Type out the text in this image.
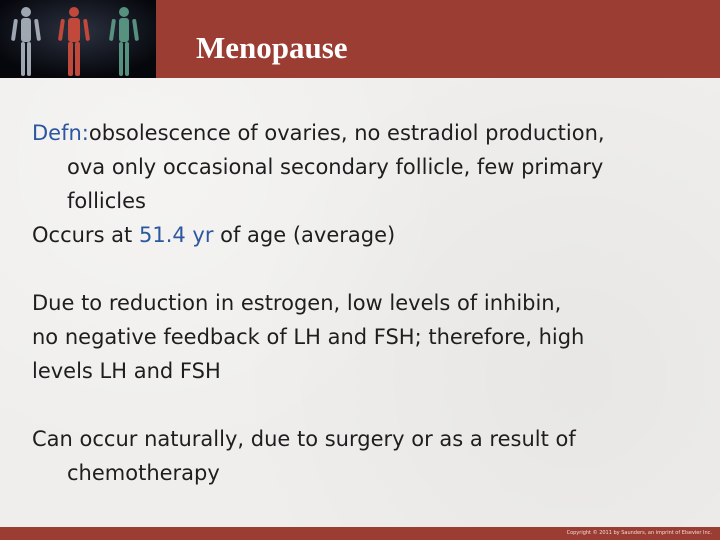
Menopause

Defn:obsolescence of ovaries, no estradiol production,
ova only occasional secondary follicle, few primary
follicles
Occurs at 51.4 yr of age (average)

Due to reduction in estrogen, low levels of inhibin,
no negative feedback of LH and FSH; therefore, high
levels LH and FSH

Can occur naturally, due to surgery or as a result of
chemotherapy

Copyright © 2011 by Saunders, an imprint of Elsevier Inc.
